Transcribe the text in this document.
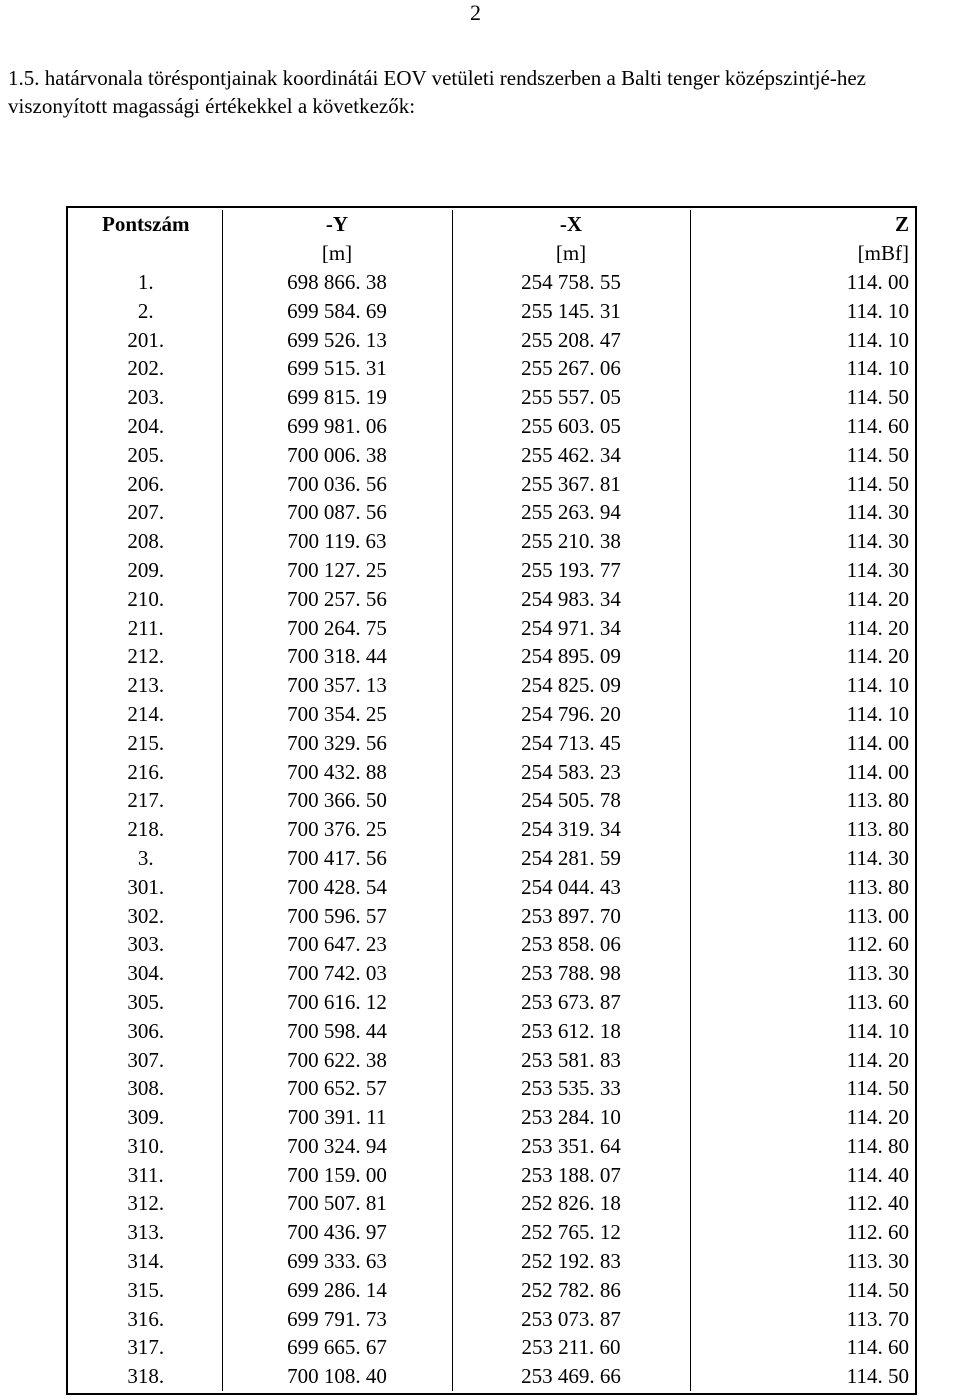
2

1.5. határvonala töréspontjainak koordinátái EOV vetületi rendszerben a Balti tenger középszintjé-hez viszonyított magassági értékekkel a következők:

Pontszám	-Y	-X	Z
	[m]	[m]	[mBf]
1.	698 866. 38	254 758. 55	114. 00
2.	699 584. 69	255 145. 31	114. 10
201.	699 526. 13	255 208. 47	114. 10
202.	699 515. 31	255 267. 06	114. 10
203.	699 815. 19	255 557. 05	114. 50
204.	699 981. 06	255 603. 05	114. 60
205.	700 006. 38	255 462. 34	114. 50
206.	700 036. 56	255 367. 81	114. 50
207.	700 087. 56	255 263. 94	114. 30
208.	700 119. 63	255 210. 38	114. 30
209.	700 127. 25	255 193. 77	114. 30
210.	700 257. 56	254 983. 34	114. 20
211.	700 264. 75	254 971. 34	114. 20
212.	700 318. 44	254 895. 09	114. 20
213.	700 357. 13	254 825. 09	114. 10
214.	700 354. 25	254 796. 20	114. 10
215.	700 329. 56	254 713. 45	114. 00
216.	700 432. 88	254 583. 23	114. 00
217.	700 366. 50	254 505. 78	113. 80
218.	700 376. 25	254 319. 34	113. 80
3.	700 417. 56	254 281. 59	114. 30
301.	700 428. 54	254 044. 43	113. 80
302.	700 596. 57	253 897. 70	113. 00
303.	700 647. 23	253 858. 06	112. 60
304.	700 742. 03	253 788. 98	113. 30
305.	700 616. 12	253 673. 87	113. 60
306.	700 598. 44	253 612. 18	114. 10
307.	700 622. 38	253 581. 83	114. 20
308.	700 652. 57	253 535. 33	114. 50
309.	700 391. 11	253 284. 10	114. 20
310.	700 324. 94	253 351. 64	114. 80
311.	700 159. 00	253 188. 07	114. 40
312.	700 507. 81	252 826. 18	112. 40
313.	700 436. 97	252 765. 12	112. 60
314.	699 333. 63	252 192. 83	113. 30
315.	699 286. 14	252 782. 86	114. 50
316.	699 791. 73	253 073. 87	113. 70
317.	699 665. 67	253 211. 60	114. 60
318.	700 108. 40	253 469. 66	114. 50
